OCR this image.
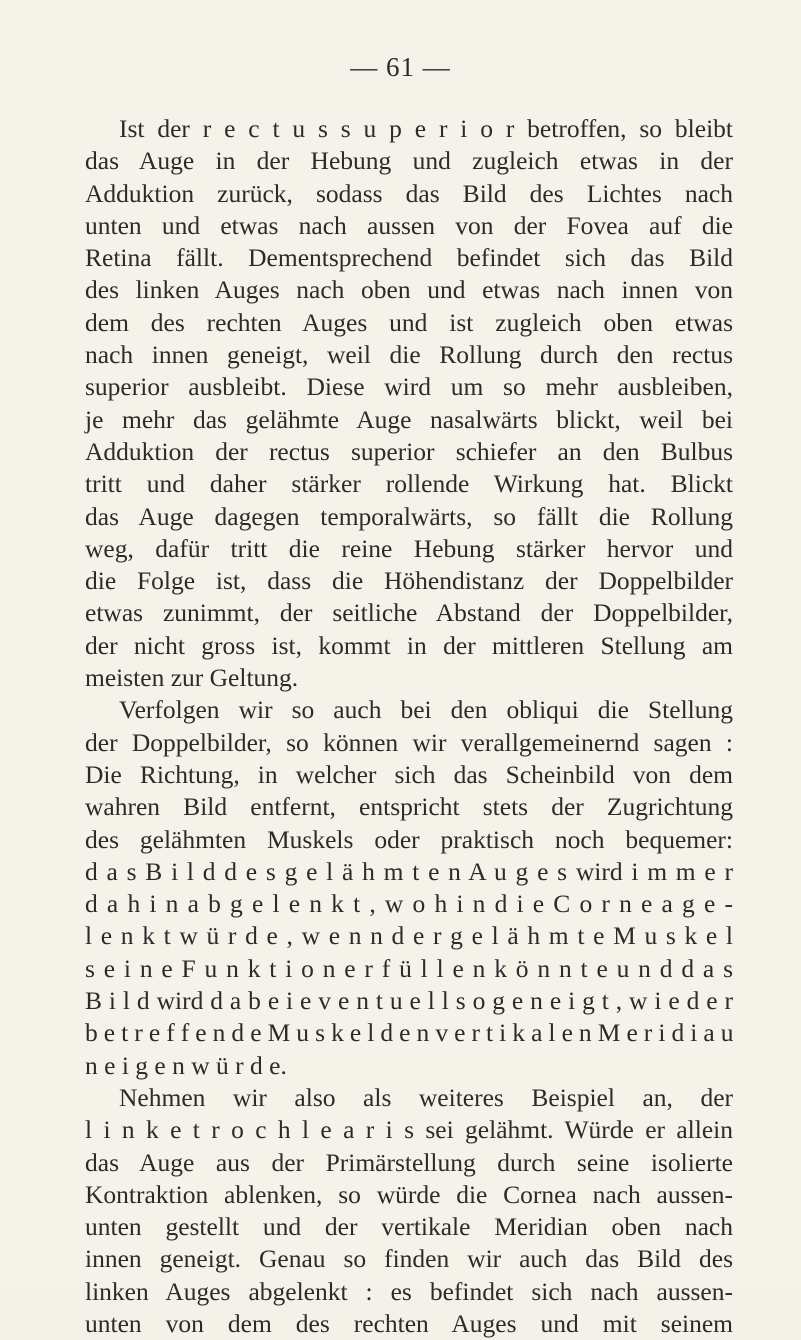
— 61 —
Ist der r e c t u s s u p e r i o r betroffen, so bleibt
das Auge in der Hebung und zugleich etwas in der
Adduktion zurück, sodass das Bild des Lichtes nach
unten und etwas nach aussen von der Fovea auf die
Retina fällt. Dementsprechend befindet sich das Bild
des linken Auges nach oben und etwas nach innen von
dem des rechten Auges und ist zugleich oben etwas
nach innen geneigt, weil die Rollung durch den rectus
superior ausbleibt. Diese wird um so mehr ausbleiben,
je mehr das gelähmte Auge nasalwärts blickt, weil bei
Adduktion der rectus superior schiefer an den Bulbus
tritt und daher stärker rollende Wirkung hat. Blickt
das Auge dagegen temporalwärts, so fällt die Rollung
weg, dafür tritt die reine Hebung stärker hervor und
die Folge ist, dass die Höhendistanz der Doppelbilder
etwas zunimmt, der seitliche Abstand der Doppelbilder,
der nicht gross ist, kommt in der mittleren Stellung am
meisten zur Geltung.
Verfolgen wir so auch bei den obliqui die Stellung
der Doppelbilder, so können wir verallgemeinernd sagen :
Die Richtung, in welcher sich das Scheinbild von dem
wahren Bild entfernt, entspricht stets der Zugrichtung
des gelähmten Muskels oder praktisch noch bequemer:
d a s B i l d d e s g e l ä h m t e n A u g e s wird i m m e r
d a h i n a b g e l e n k t , w o h i n d i e C o r n e a g e -
l e n k t w ü r d e , w e n n d e r g e l ä h m t e M u s k e l
s e i n e F u n k t i o n e r f ü l l e n k ö n n t e u n d d a s
B i l d wird d a b e i e v e n t u e l l s o g e n e i g t , w i e d e r
b e t r e f f e n d e M u s k e l d e n v e r t i k a l e n M e r i d i a u
n e i g e n w ü r d e.
Nehmen wir also als weiteres Beispiel an, der
l i n k e t r o c h l e a r i s sei gelähmt. Würde er allein
das Auge aus der Primärstellung durch seine isolierte
Kontraktion ablenken, so würde die Cornea nach aussen-
unten gestellt und der vertikale Meridian oben nach
innen geneigt. Genau so finden wir auch das Bild des
linken Auges abgelenkt : es befindet sich nach aussen-
unten von dem des rechten Auges und mit seinem
